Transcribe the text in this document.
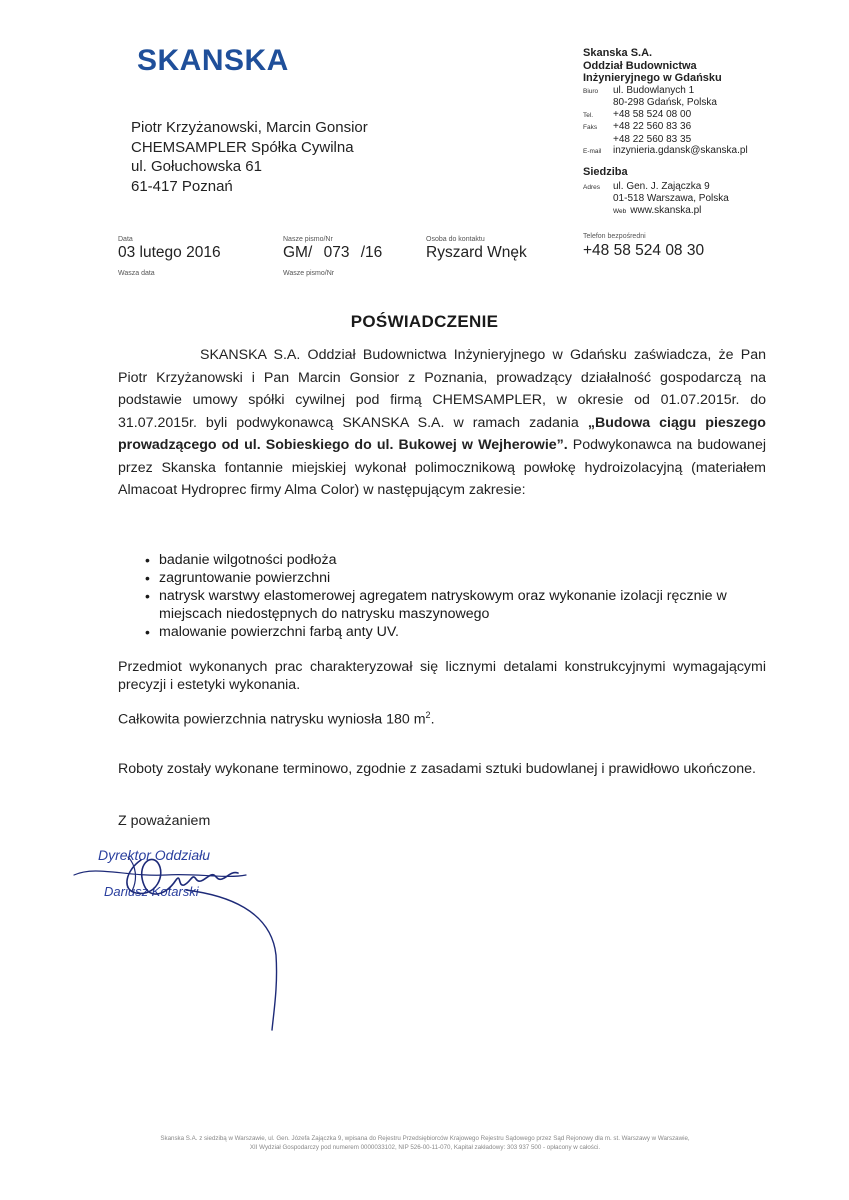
SKANSKA
Piotr Krzyżanowski, Marcin Gonsior
CHEMSAMPLER Spółka Cywilna
ul. Gołuchowska 61
61-417 Poznań
Skanska S.A.
Oddział Budownictwa
Inżynieryjnego w Gdańsku
Biuro	ul. Budowlanych 1
80-298 Gdańsk, Polska
Tel.	+48 58 524 08 00
Faks	+48 22 560 83 36
+48 22 560 83 35
E-mail	inzynieria.gdansk@skanska.pl
Siedziba
Adres	ul. Gen. J. Zajączka 9
01-518 Warszawa, Polska
Web www.skanska.pl
Data
03 lutego 2016
Wasza data
Nasze pismo/Nr
GM/ 073 /16
Wasze pismo/Nr
Osoba do kontaktu
Ryszard Wnęk
Telefon bezpośredni
+48 58 524 08 30
POŚWIADCZENIE
SKANSKA S.A. Oddział Budownictwa Inżynieryjnego w Gdańsku zaświadcza, że Pan Piotr Krzyżanowski i Pan Marcin Gonsior z Poznania, prowadzący działalność gospodarczą na podstawie umowy spółki cywilnej pod firmą CHEMSAMPLER, w okresie od 01.07.2015r. do 31.07.2015r. byli podwykonawcą SKANSKA S.A. w ramach zadania „Budowa ciągu pieszego prowadzącego od ul. Sobieskiego do ul. Bukowej w Wejherowie”. Podwykonawca na budowanej przez Skanska fontannie miejskiej wykonał polimocznikową powłokę hydroizolacyjną (materiałem Almacoat Hydroprec firmy Alma Color) w następującym zakresie:
• badanie wilgotności podłoża
• zagruntowanie powierzchni
• natrysk warstwy elastomerowej agregatem natryskowym oraz wykonanie izolacji ręcznie w miejscach niedostępnych do natrysku maszynowego
• malowanie powierzchni farbą anty UV.
Przedmiot wykonanych prac charakteryzował się licznymi detalami konstrukcyjnymi wymagającymi precyzji i estetyki wykonania.
Całkowita powierzchnia natrysku wyniosła 180 $m^2$.
Roboty zostały wykonane terminowo, zgodnie z zasadami sztuki budowlanej i prawidłowo ukończone.
Z poważaniem
Dyrektor Oddziału
Dariusz Kotarski
Skanska S.A. z siedzibą w Warszawie, ul. Gen. Józefa Zajączka 9, wpisana do Rejestru Przedsiębiorców Krajowego Rejestru Sądowego przez Sąd Rejonowy dla m. st. Warszawy w Warszawie,
XII Wydział Gospodarczy pod numerem 0000033102, NIP 526-00-11-070, Kapitał zakładowy: 303 937 500 - opłacony w całości.
